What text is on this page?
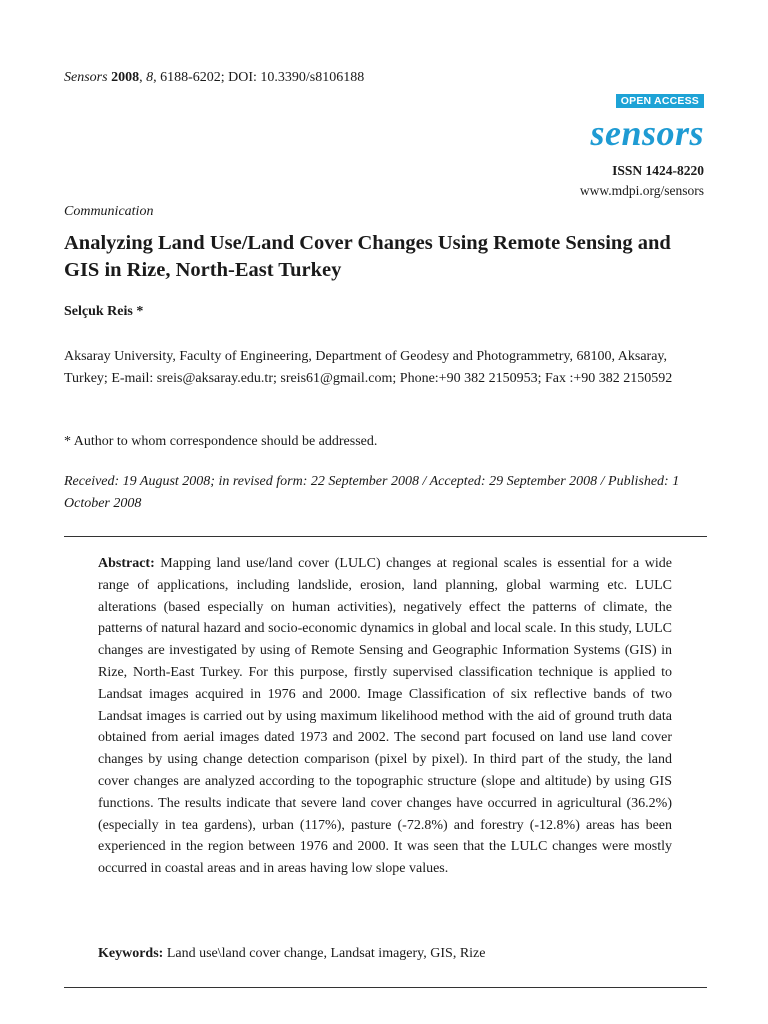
Sensors 2008, 8, 6188-6202; DOI: 10.3390/s8106188
OPEN ACCESS
sensors
ISSN 1424-8220
www.mdpi.org/sensors
Communication
Analyzing Land Use/Land Cover Changes Using Remote Sensing and GIS in Rize, North-East Turkey
Selçuk Reis *

Aksaray University, Faculty of Engineering, Department of Geodesy and Photogrammetry, 68100, Aksaray, Turkey; E-mail: sreis@aksaray.edu.tr; sreis61@gmail.com; Phone:+90 382 2150953; Fax :+90 382 2150592

* Author to whom correspondence should be addressed.

Received: 19 August 2008; in revised form: 22 September 2008 / Accepted: 29 September 2008 / Published: 1 October 2008

Abstract: Mapping land use/land cover (LULC) changes at regional scales is essential for a wide range of applications, including landslide, erosion, land planning, global warming etc. LULC alterations (based especially on human activities), negatively effect the patterns of climate, the patterns of natural hazard and socio-economic dynamics in global and local scale. In this study, LULC changes are investigated by using of Remote Sensing and Geographic Information Systems (GIS) in Rize, North-East Turkey. For this purpose, firstly supervised classification technique is applied to Landsat images acquired in 1976 and 2000. Image Classification of six reflective bands of two Landsat images is carried out by using maximum likelihood method with the aid of ground truth data obtained from aerial images dated 1973 and 2002. The second part focused on land use land cover changes by using change detection comparison (pixel by pixel). In third part of the study, the land cover changes are analyzed according to the topographic structure (slope and altitude) by using GIS functions. The results indicate that severe land cover changes have occurred in agricultural (36.2%) (especially in tea gardens), urban (117%), pasture (-72.8%) and forestry (-12.8%) areas has been experienced in the region between 1976 and 2000. It was seen that the LULC changes were mostly occurred in coastal areas and in areas having low slope values.

Keywords: Land use\land cover change, Landsat imagery, GIS, Rize
